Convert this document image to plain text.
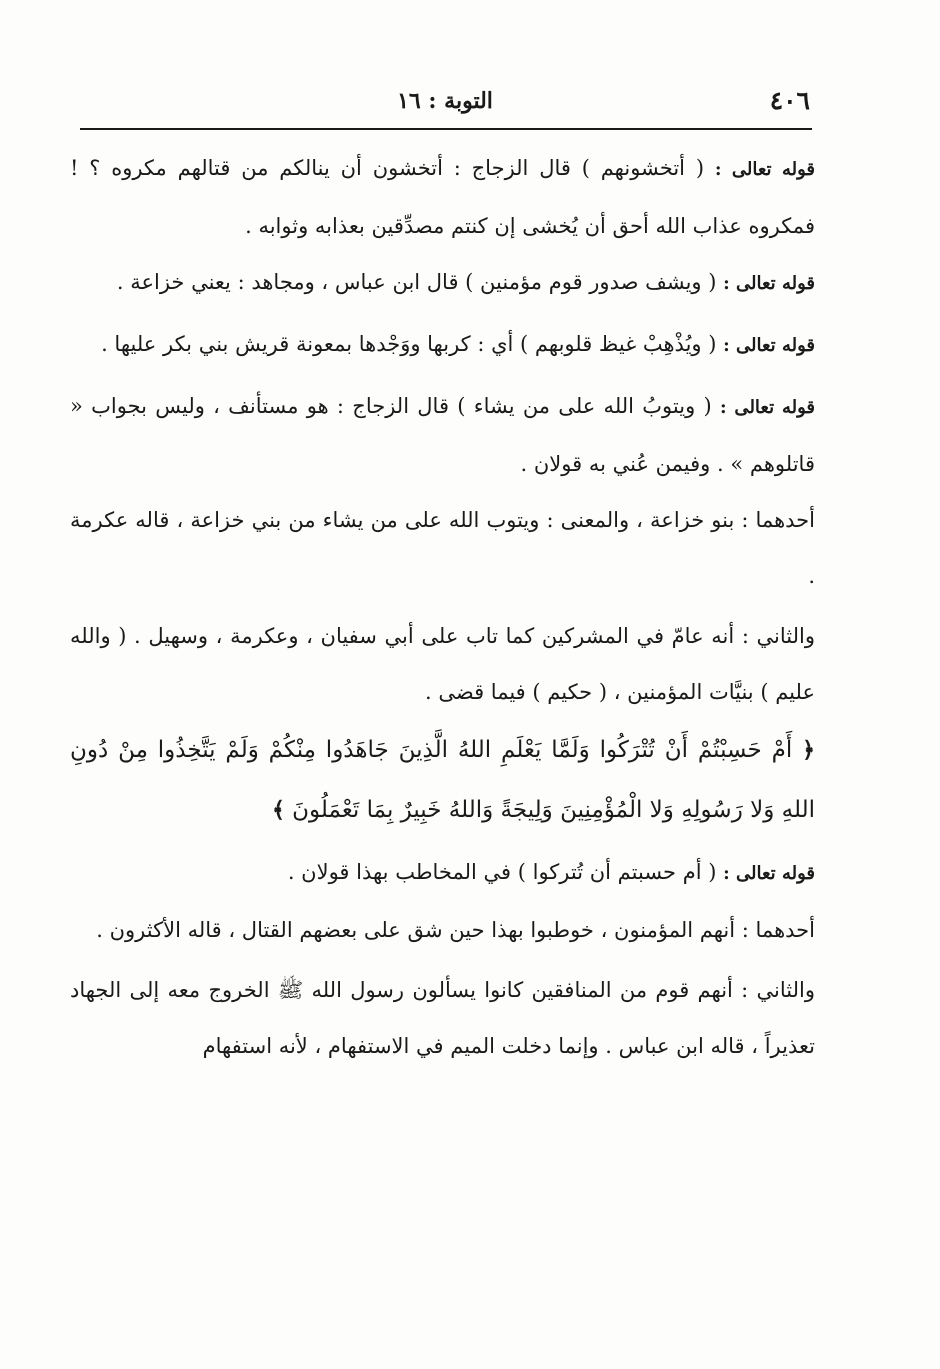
٤٠٦
التوبة : ١٦

قوله تعالى : ( أتخشونهم ) قال الزجاج : أتخشون أن ينالكم من قتالهم مكروه ؟ ! فمكروه عذاب الله أحق أن يُخشى إن كنتم مصدِّقين بعذابه وثوابه .

قوله تعالى : ( ويشف صدور قوم مؤمنين ) قال ابن عباس ، ومجاهد : يعني خزاعة .

قوله تعالى : ( ويُذْهِبْ غيظ قلوبهم ) أي : كربها ووَجْدها بمعونة قريش بني بكر عليها .

قوله تعالى : ( ويتوبُ الله على من يشاء ) قال الزجاج : هو مستأنف ، وليس بجواب « قاتلوهم » . وفيمن عُني به قولان .

أحدهما : بنو خزاعة ، والمعنى : ويتوب الله على من يشاء من بني خزاعة ، قاله عكرمة .

والثاني : أنه عامّ في المشركين كما تاب على أبي سفيان ، وعكرمة ، وسهيل . ( والله عليم ) بنيَّات المؤمنين ، ( حكيم ) فيما قضى .

﴿ أَمْ حَسِبْتُمْ أَنْ تُتْرَكُوا وَلَمَّا يَعْلَمِ اللهُ الَّذِينَ جَاهَدُوا مِنْكُمْ وَلَمْ يَتَّخِذُوا مِنْ دُونِ اللهِ وَلا رَسُولِهِ وَلا الْمُؤْمِنِينَ وَلِيجَةً وَاللهُ خَبِيرٌ بِمَا تَعْمَلُونَ ﴾

قوله تعالى : ( أم حسبتم أن تُتركوا ) في المخاطب بهذا قولان .

أحدهما : أنهم المؤمنون ، خوطبوا بهذا حين شق على بعضهم القتال ، قاله الأكثرون .

والثاني : أنهم قوم من المنافقين كانوا يسألون رسول الله ﷺ الخروج معه إلى الجهاد تعذيراً ، قاله ابن عباس . وإنما دخلت الميم في الاستفهام ، لأنه استفهام
